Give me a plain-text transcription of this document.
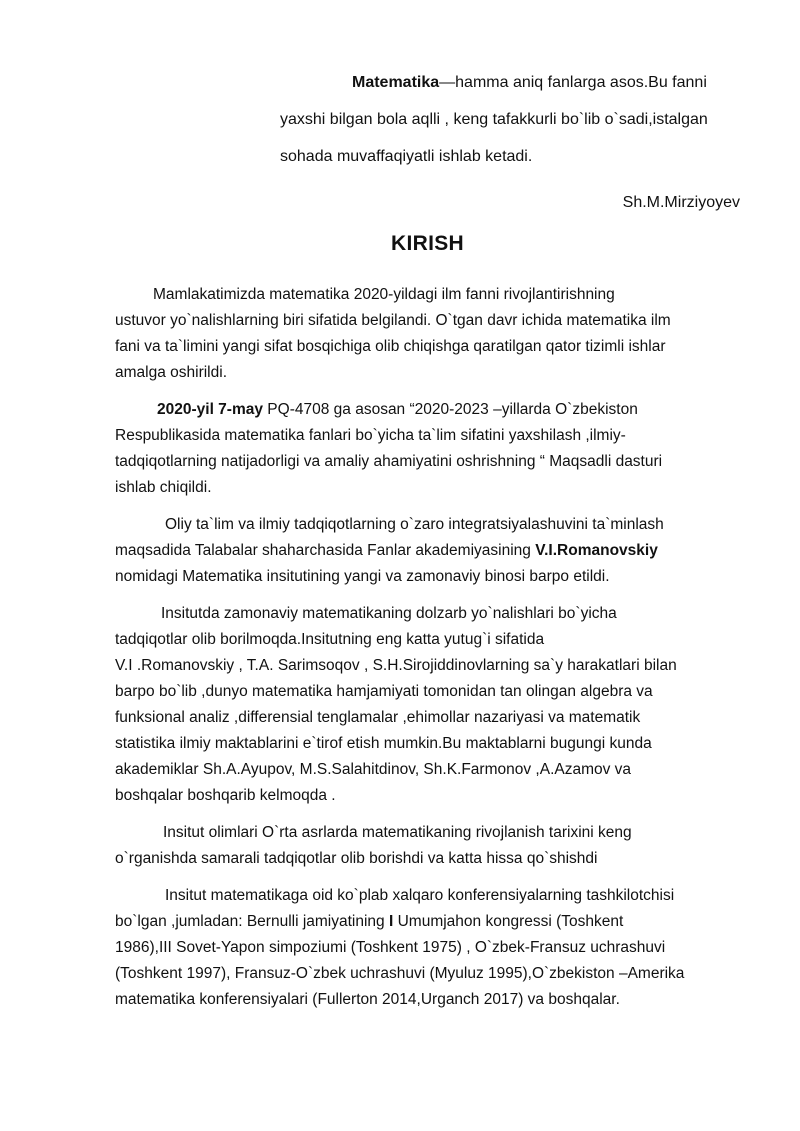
Matematika—hamma aniq fanlarga asos.Bu fanni
yaxshi bilgan bola aqlli , keng tafakkurli bo`lib o`sadi,istalgan
sohada muvaffaqiyatli ishlab ketadi.
Sh.M.Mirziyoyev
KIRISH
Mamlakatimizda matematika 2020-yildagi ilm fanni rivojlantirishning
ustuvor yo`nalishlarning biri sifatida belgilandi. O`tgan davr ichida matematika ilm
fani va ta`limini yangi sifat bosqichiga olib chiqishga qaratilgan qator tizimli ishlar
amalga oshirildi.
2020-yil 7-may PQ-4708 ga asosan “2020-2023 –yillarda O`zbekiston
Respublikasida matematika fanlari bo`yicha ta`lim sifatini yaxshilash ,ilmiy-
tadqiqotlarning natijadorligi va amaliy ahamiyatini oshrishning “ Maqsadli dasturi
ishlab chiqildi.
Oliy ta`lim va ilmiy tadqiqotlarning o`zaro integratsiyalashuvini ta`minlash
maqsadida Talabalar shaharchasida Fanlar akademiyasining V.I.Romanovskiy
nomidagi Matematika insitutining yangi va zamonaviy binosi barpo etildi.
Insitutda zamonaviy matematikaning dolzarb yo`nalishlari bo`yicha
tadqiqotlar olib borilmoqda.Insitutning eng katta yutug`i sifatida
V.I .Romanovskiy , T.A. Sarimsoqov , S.H.Sirojiddinovlarning sa`y harakatlari bilan
barpo bo`lib ,dunyo matematika hamjamiyati tomonidan tan olingan algebra va
funksional analiz ,differensial tenglamalar ,ehimollar nazariyasi va matematik
statistika ilmiy maktablarini e`tirof etish mumkin.Bu maktablarni bugungi kunda
akademiklar Sh.A.Ayupov, M.S.Salahitdinov, Sh.K.Farmonov ,A.Azamov va
boshqalar boshqarib kelmoqda .
Insitut olimlari O`rta asrlarda matematikaning rivojlanish tarixini keng
o`rganishda samarali tadqiqotlar olib borishdi va katta hissa qo`shishdi
Insitut matematikaga oid ko`plab xalqaro konferensiyalarning tashkilotchisi
bo`lgan ,jumladan: Bernulli jamiyatining I Umumjahon kongressi (Toshkent
1986),III Sovet-Yapon simpoziumi (Toshkent 1975) , O`zbek-Fransuz uchrashuvi
(Toshkent 1997), Fransuz-O`zbek uchrashuvi (Myuluz 1995),O`zbekiston –Amerika
matematika konferensiyalari (Fullerton 2014,Urganch 2017) va boshqalar.
